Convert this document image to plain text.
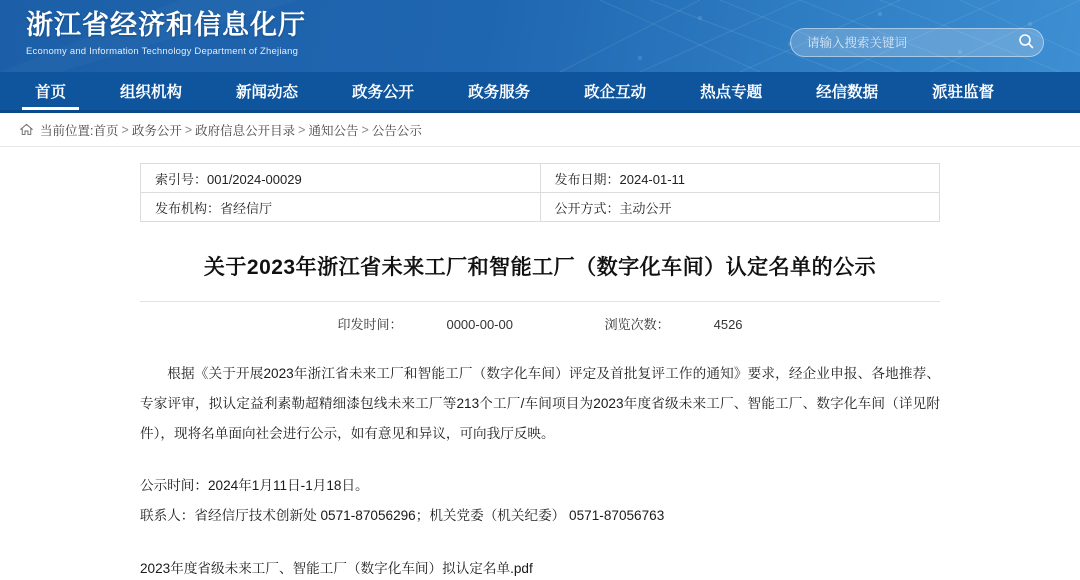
浙江省经济和信息化厅
Economy and Information Technology Department of Zhejiang
请输入搜索关键词
首页	组织机构	新闻动态	政务公开	政务服务	政企互动	热点专题	经信数据	派驻监督
当前位置: 首页 > 政务公开 > 政府信息公开目录 > 通知公告 > 公告公示
索引号：001/2024-00029	发布日期：2024-01-11
发布机构：省经信厅	公开方式：主动公开
关于2023年浙江省未来工厂和智能工厂（数字化车间）认定名单的公示
印发时间：	0000-00-00	浏览次数：	4526

根据《关于开展2023年浙江省未来工厂和智能工厂（数字化车间）评定及首批复评工作的通知》要求，经企业申报、各地推荐、专家评审，拟认定益利素勒超精细漆包线未来工厂等213个工厂/车间项目为2023年度省级未来工厂、智能工厂、数字化车间（详见附件），现将名单面向社会进行公示，如有意见和异议，可向我厅反映。

公示时间：2024年1月11日-1月18日。

联系人：省经信厅技术创新处 0571-87056296；机关党委（机关纪委） 0571-87056763

2023年度省级未来工厂、智能工厂（数字化车间）拟认定名单.pdf
